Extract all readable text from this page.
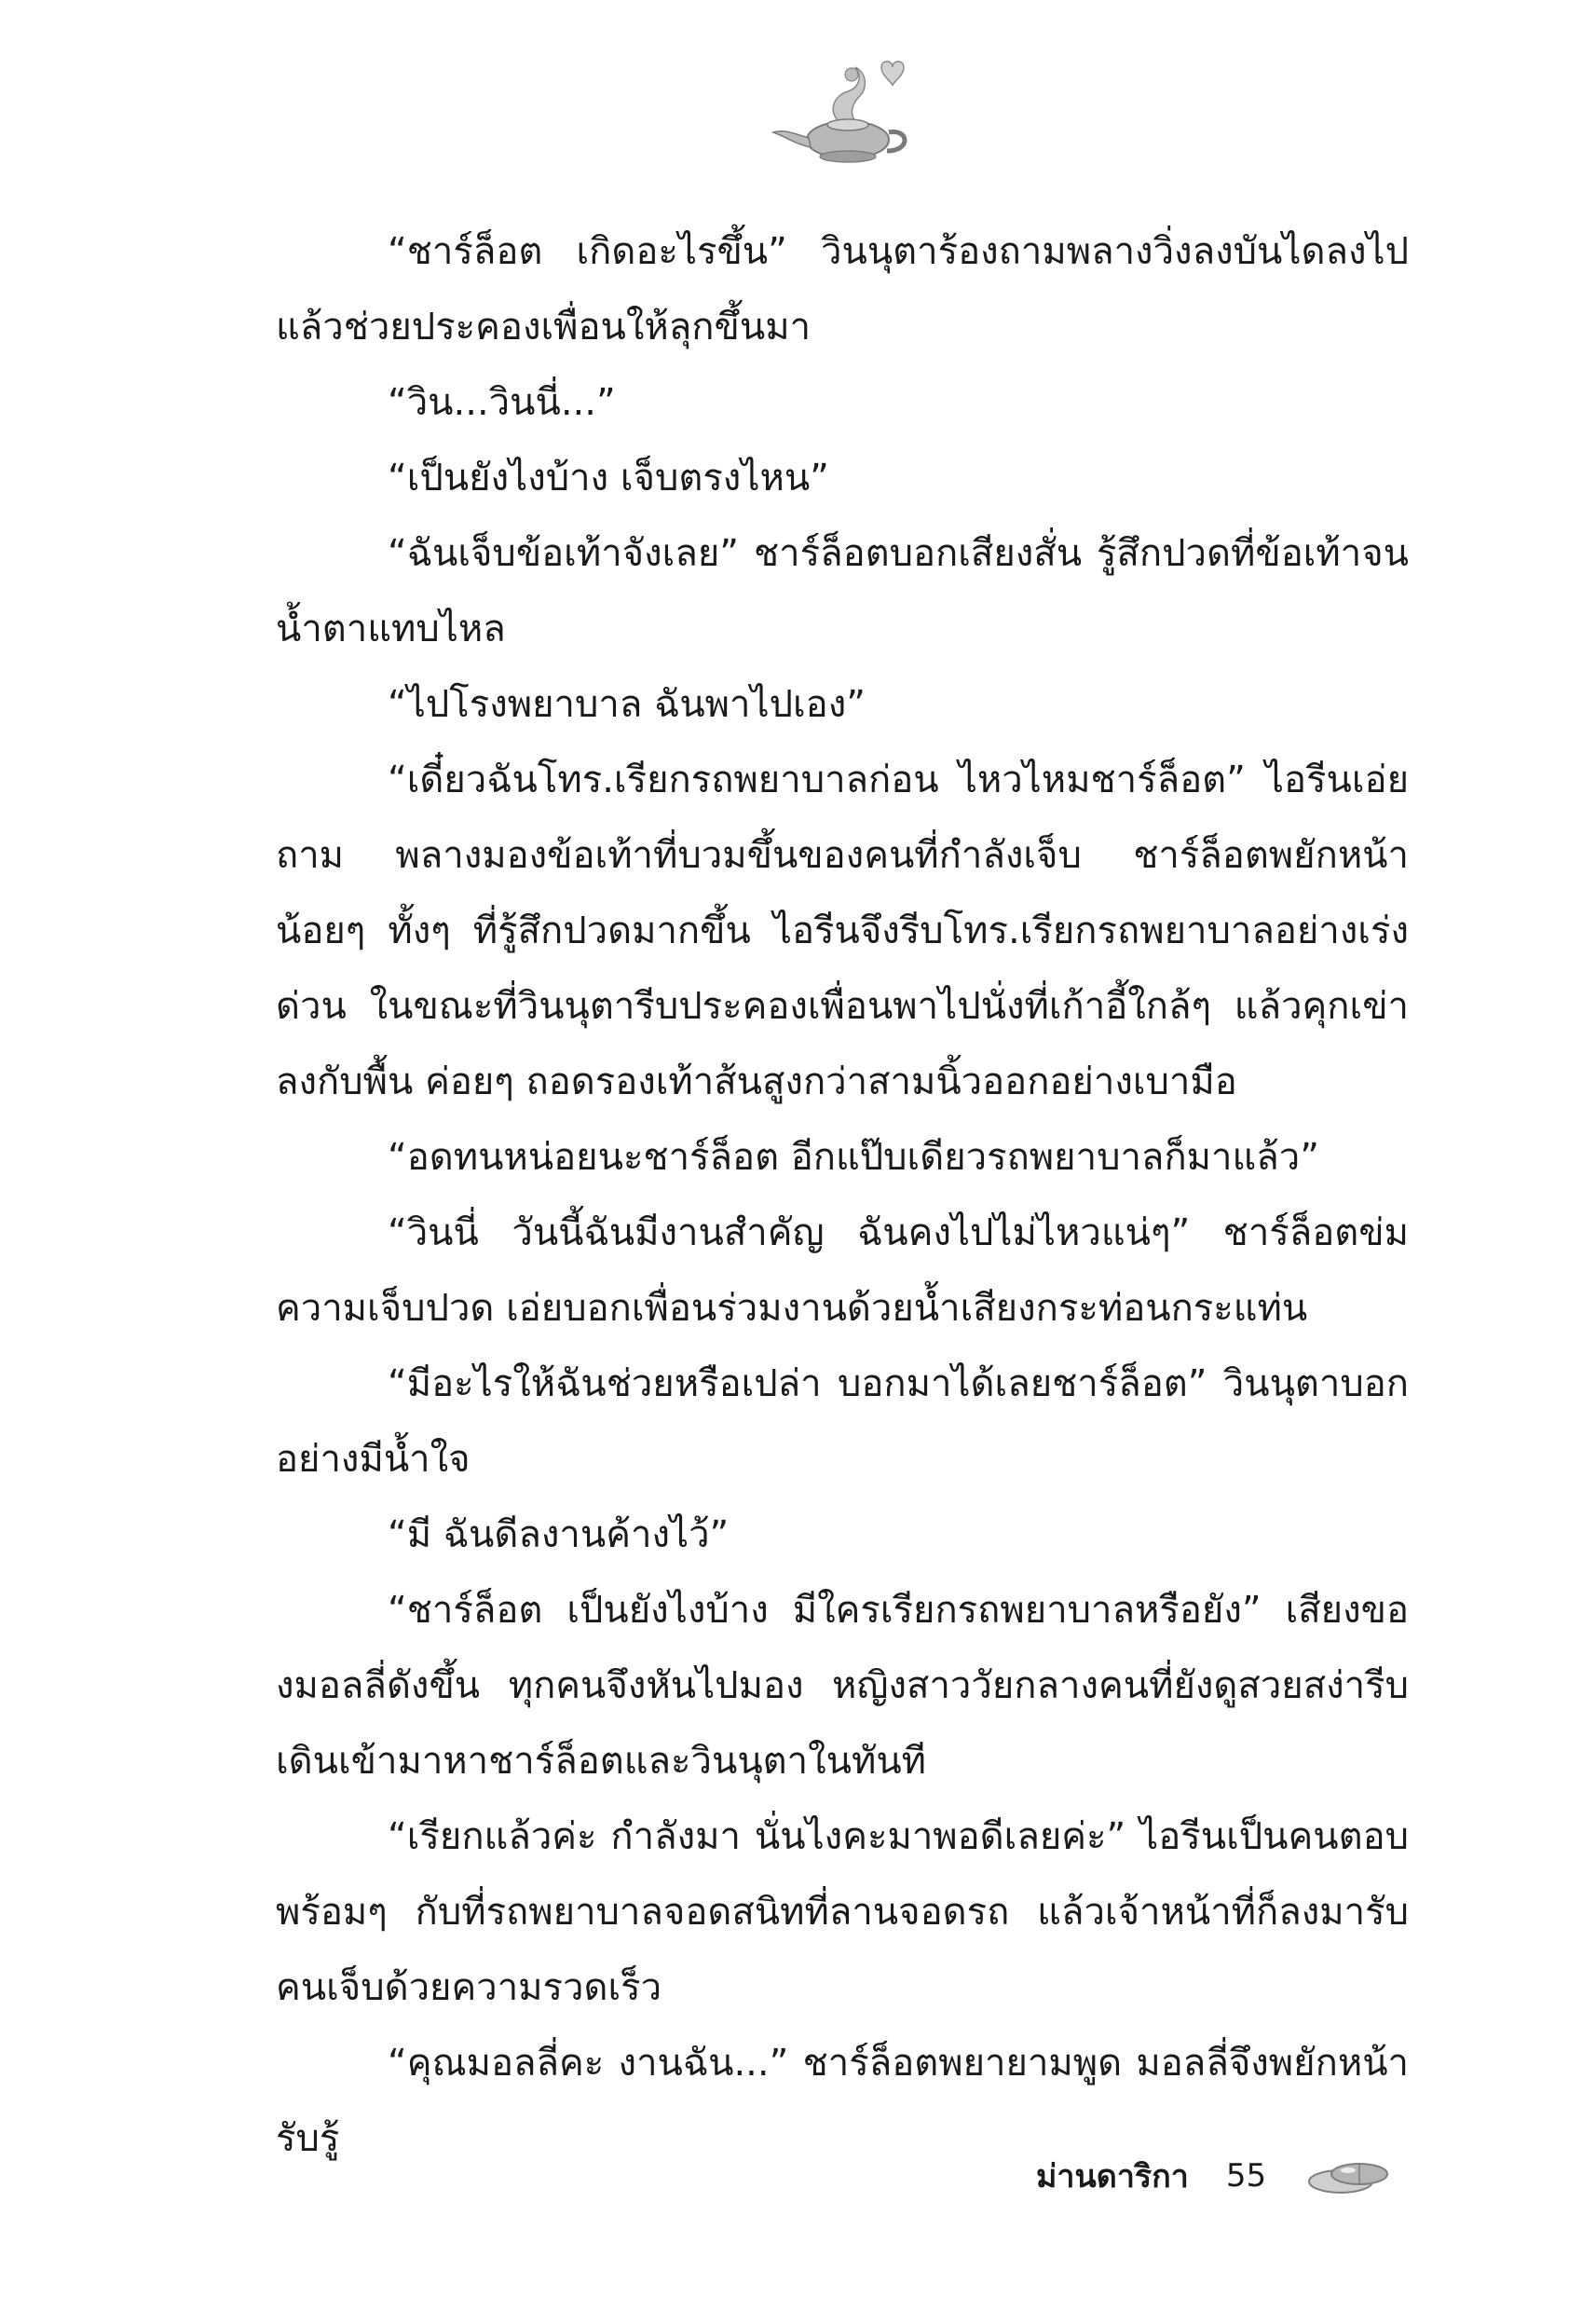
“ชาร์ล็อต เกิดอะไรขึ้น” วินนุตาร้องถามพลางวิ่งลงบันไดลงไปแล้วช่วยประคองเพื่อนให้ลุกขึ้นมา

“วิน...วินนี่...”

“เป็นยังไงบ้าง เจ็บตรงไหน”

“ฉันเจ็บข้อเท้าจังเลย” ชาร์ล็อตบอกเสียงสั่น รู้สึกปวดที่ข้อเท้าจนน้ำตาแทบไหล

“ไปโรงพยาบาล ฉันพาไปเอง”

“เดี๋ยวฉันโทร.เรียกรถพยาบาลก่อน ไหวไหมชาร์ล็อต” ไอรีนเอ่ยถาม พลางมองข้อเท้าที่บวมขึ้นของคนที่กำลังเจ็บ ชาร์ล็อตพยักหน้าน้อยๆ ทั้งๆ ที่รู้สึกปวดมากขึ้น ไอรีนจึงรีบโทร.เรียกรถพยาบาลอย่างเร่งด่วน ในขณะที่วินนุตารีบประคองเพื่อนพาไปนั่งที่เก้าอี้ใกล้ๆ แล้วคุกเข่าลงกับพื้น ค่อยๆ ถอดรองเท้าส้นสูงกว่าสามนิ้วออกอย่างเบามือ

“อดทนหน่อยนะชาร์ล็อต อีกแป๊บเดียวรถพยาบาลก็มาแล้ว”

“วินนี่ วันนี้ฉันมีงานสำคัญ ฉันคงไปไม่ไหวแน่ๆ” ชาร์ล็อตข่มความเจ็บปวด เอ่ยบอกเพื่อนร่วมงานด้วยน้ำเสียงกระท่อนกระแท่น

“มีอะไรให้ฉันช่วยหรือเปล่า บอกมาได้เลยชาร์ล็อต” วินนุตาบอกอย่างมีน้ำใจ

“มี ฉันดีลงานค้างไว้”

“ชาร์ล็อต เป็นยังไงบ้าง มีใครเรียกรถพยาบาลหรือยัง” เสียงของมอลลี่ดังขึ้น ทุกคนจึงหันไปมอง หญิงสาววัยกลางคนที่ยังดูสวยสง่ารีบเดินเข้ามาหาชาร์ล็อตและวินนุตาในทันที

“เรียกแล้วค่ะ กำลังมา นั่นไงคะมาพอดีเลยค่ะ” ไอรีนเป็นคนตอบพร้อมๆ กับที่รถพยาบาลจอดสนิทที่ลานจอดรถ แล้วเจ้าหน้าที่ก็ลงมารับคนเจ็บด้วยความรวดเร็ว

“คุณมอลลี่คะ งานฉัน...” ชาร์ล็อตพยายามพูด มอลลี่จึงพยักหน้ารับรู้

ม่านดาริกา 55
